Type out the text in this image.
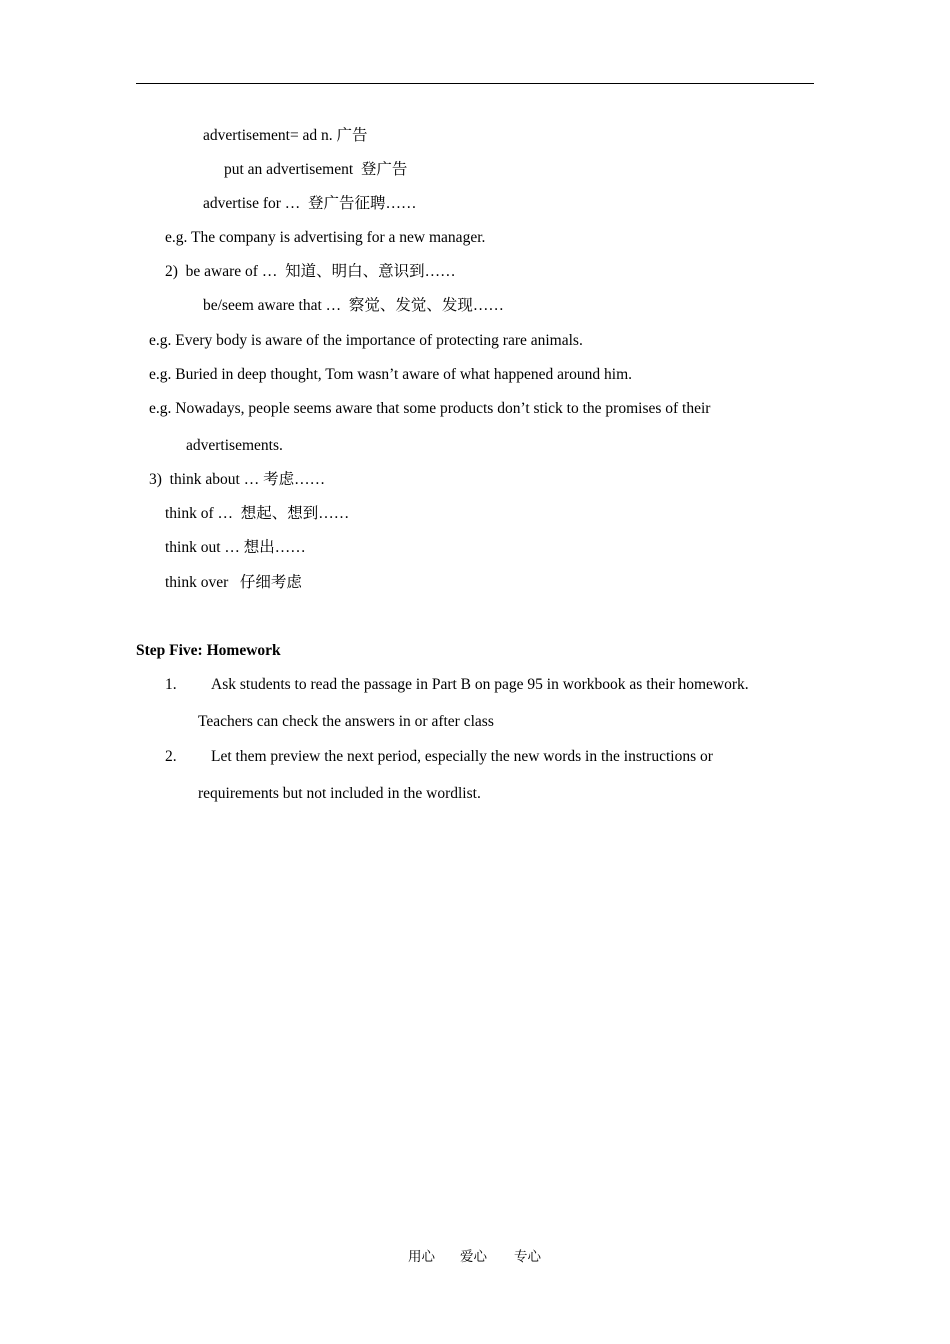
advertisement= ad n. 广告
put an advertisement  登广告
advertise for …  登广告征聘……
e.g. The company is advertising for a new manager.
2)  be aware of …  知道、明白、意识到……
be/seem aware that …  察觉、发觉、发现……
e.g. Every body is aware of the importance of protecting rare animals.
e.g. Buried in deep thought, Tom wasn’t aware of what happened around him.
e.g. Nowadays, people seems aware that some products don’t stick to the promises of their
advertisements.
3)  think about … 考虑……
think of …  想起、想到……
think out … 想出……
think over   仔细考虑
Step Five: Homework
1. Ask students to read the passage in Part B on page 95 in workbook as their homework.
Teachers can check the answers in or after class
2. Let them preview the next period, especially the new words in the instructions or
requirements but not included in the wordlist.
用心 爱心 专心
